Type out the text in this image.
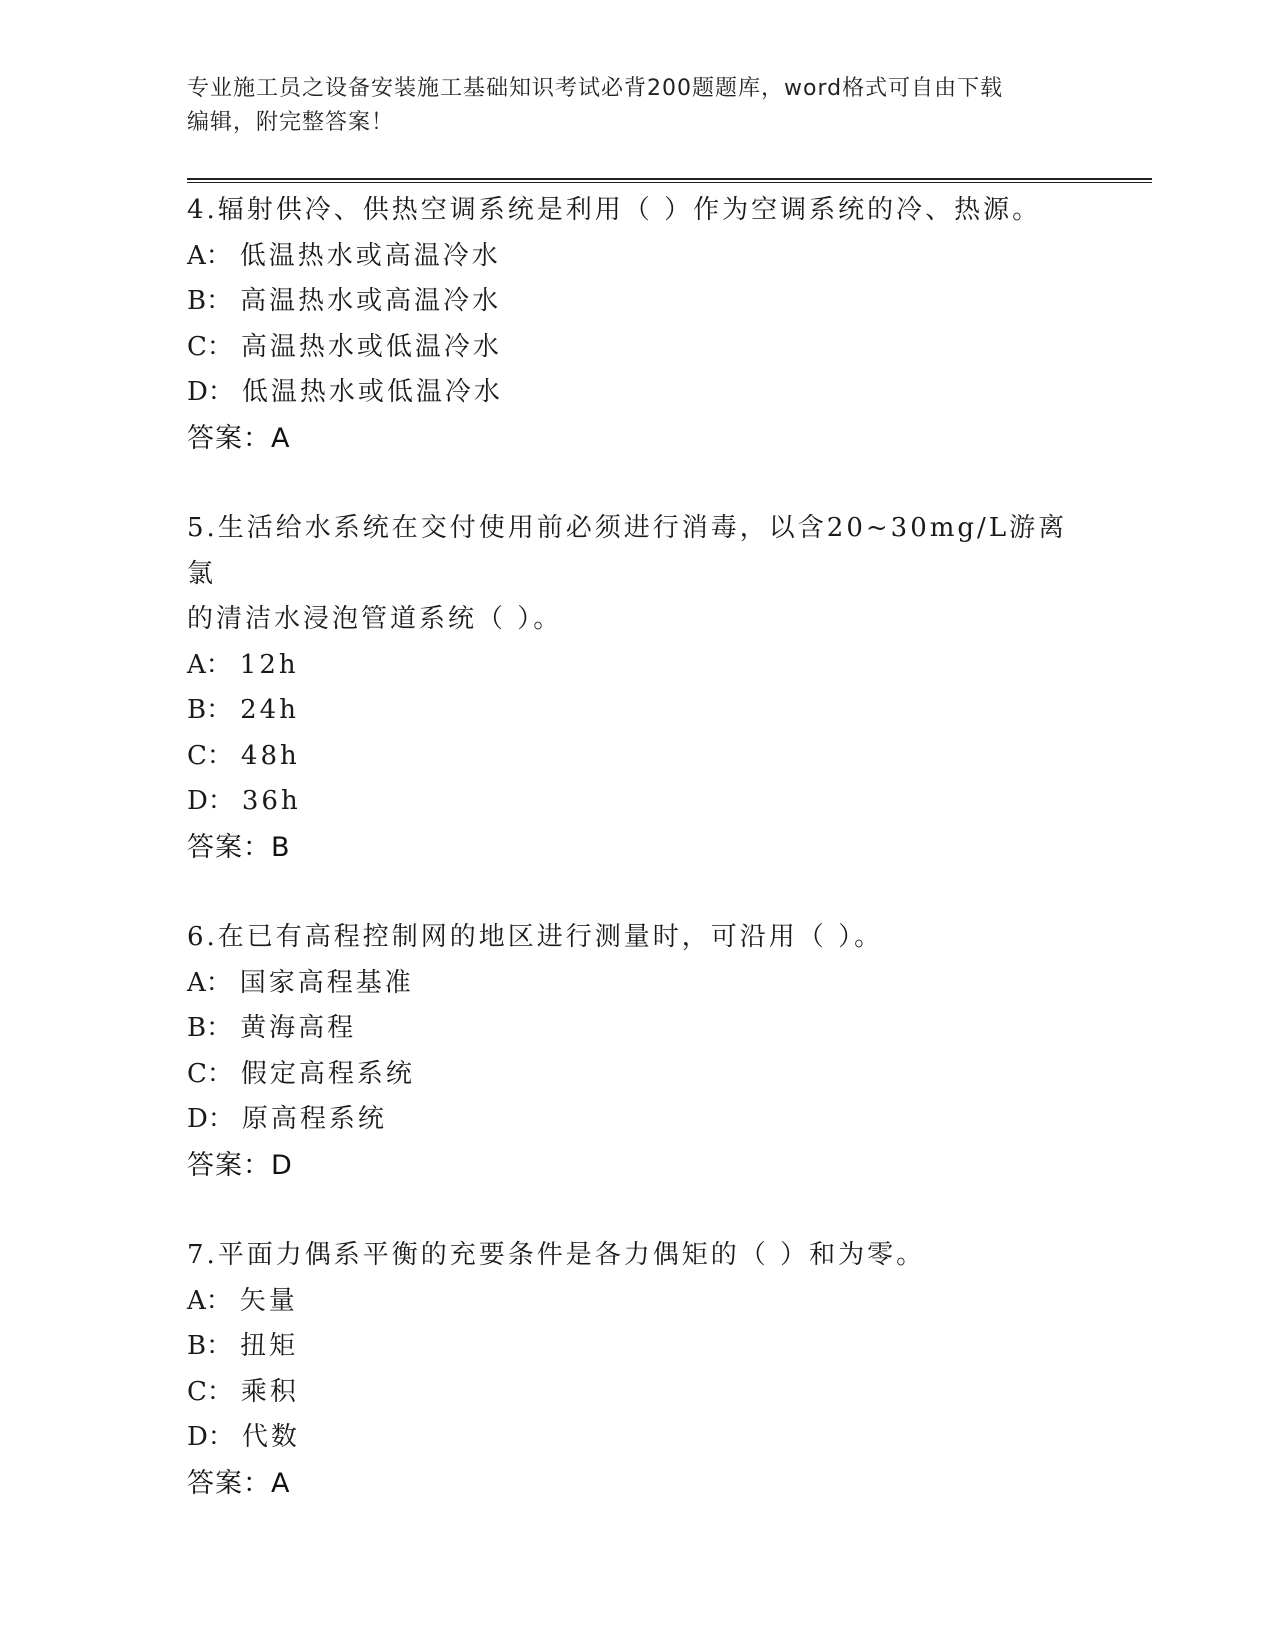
专业施工员之设备安装施工基础知识考试必背200题题库，word格式可自由下载
编辑，附完整答案！
4.辐射供冷、供热空调系统是利用（ ）作为空调系统的冷、热源。
A： 低温热水或高温冷水
B： 高温热水或高温冷水
C： 高温热水或低温冷水
D： 低温热水或低温冷水
答案：A
5.生活给水系统在交付使用前必须进行消毒，以含20~30mg/L游离氯
的清洁水浸泡管道系统（ ）。
A： 12h
B： 24h
C： 48h
D： 36h
答案：B
6.在已有高程控制网的地区进行测量时，可沿用（ ）。
A： 国家高程基准
B： 黄海高程
C： 假定高程系统
D： 原高程系统
答案：D
7.平面力偶系平衡的充要条件是各力偶矩的（ ）和为零。
A： 矢量
B： 扭矩
C： 乘积
D： 代数
答案：A
